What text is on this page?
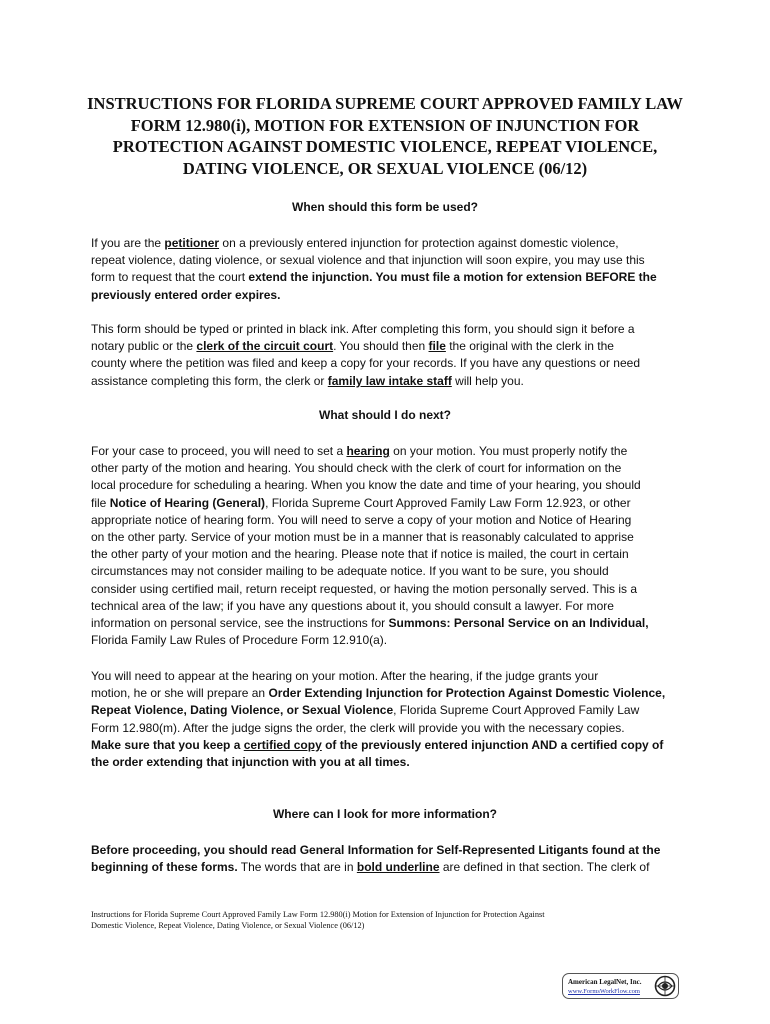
INSTRUCTIONS FOR FLORIDA SUPREME COURT APPROVED FAMILY LAW
FORM 12.980(i), MOTION FOR EXTENSION OF INJUNCTION FOR
PROTECTION AGAINST DOMESTIC VIOLENCE, REPEAT VIOLENCE,
DATING VIOLENCE, OR SEXUAL VIOLENCE (06/12)
When should this form be used?

If you are the petitioner on a previously entered injunction for protection against domestic violence,
repeat violence, dating violence, or sexual violence and that injunction will soon expire, you may use this
form to request that the court extend the injunction. You must file a motion for extension BEFORE the
previously entered order expires.

This form should be typed or printed in black ink. After completing this form, you should sign it before a
notary public or the clerk of the circuit court. You should then file the original with the clerk in the
county where the petition was filed and keep a copy for your records. If you have any questions or need
assistance completing this form, the clerk or family law intake staff will help you.

What should I do next?

For your case to proceed, you will need to set a hearing on your motion. You must properly notify the
other party of the motion and hearing. You should check with the clerk of court for information on the
local procedure for scheduling a hearing. When you know the date and time of your hearing, you should
file Notice of Hearing (General), Florida Supreme Court Approved Family Law Form 12.923, or other
appropriate notice of hearing form. You will need to serve a copy of your motion and Notice of Hearing
on the other party. Service of your motion must be in a manner that is reasonably calculated to apprise
the other party of your motion and the hearing. Please note that if notice is mailed, the court in certain
circumstances may not consider mailing to be adequate notice. If you want to be sure, you should
consider using certified mail, return receipt requested, or having the motion personally served. This is a
technical area of the law; if you have any questions about it, you should consult a lawyer. For more
information on personal service, see the instructions for Summons: Personal Service on an Individual,
Florida Family Law Rules of Procedure Form 12.910(a).

You will need to appear at the hearing on your motion. After the hearing, if the judge grants your
motion, he or she will prepare an Order Extending Injunction for Protection Against Domestic Violence,
Repeat Violence, Dating Violence, or Sexual Violence, Florida Supreme Court Approved Family Law
Form 12.980(m). After the judge signs the order, the clerk will provide you with the necessary copies.
Make sure that you keep a certified copy of the previously entered injunction AND a certified copy of
the order extending that injunction with you at all times.

Where can I look for more information?

Before proceeding, you should read General Information for Self-Represented Litigants found at the
beginning of these forms. The words that are in bold underline are defined in that section. The clerk of

Instructions for Florida Supreme Court Approved Family Law Form 12.980(i) Motion for Extension of Injunction for Protection Against
Domestic Violence, Repeat Violence, Dating Violence, or Sexual Violence (06/12)

American LegalNet, Inc.
www.FormsWorkFlow.com
